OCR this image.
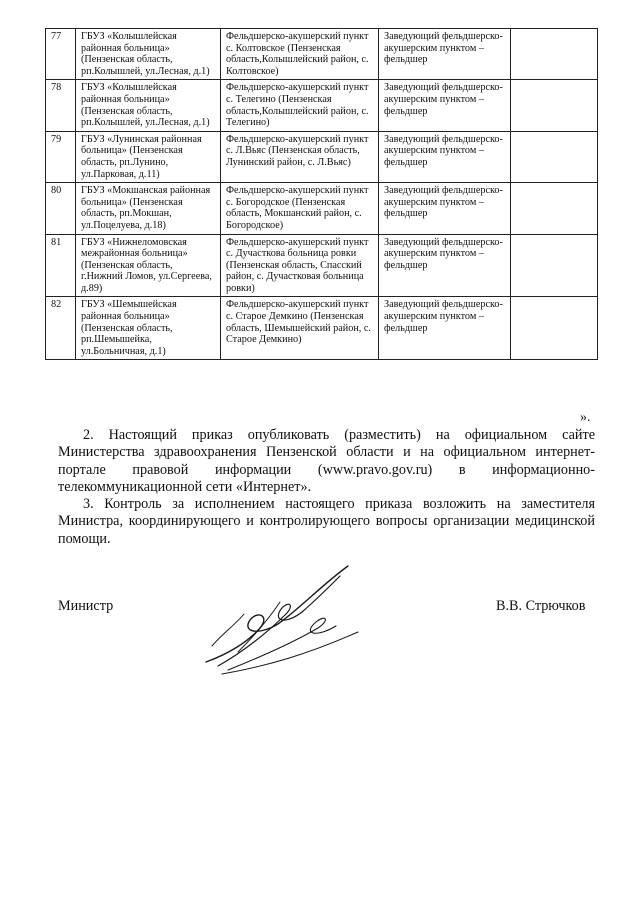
77	ГБУЗ «Колышлейская районная больница» (Пензенская область, рп.Колышлей, ул.Лесная, д.1)	Фельдшерско-акушерский пункт с. Колтовское (Пензенская область,Колышлейский район, с. Колтовское)	Заведующий фельдшерско-акушерским пунктом – фельдшер	
78	ГБУЗ «Колышлейская районная больница» (Пензенская область, рп.Колышлей, ул.Лесная, д.1)	Фельдшерско-акушерский пункт с. Телегино (Пензенская область,Колышлейский район, с. Телегино)	Заведующий фельдшерско-акушерским пунктом – фельдшер	
79	ГБУЗ «Лунинская районная больница» (Пензенская область, рп.Лунино, ул.Парковая, д.11)	Фельдшерско-акушерский пункт с. Л.Вьяс (Пензенская область, Лунинский район, с. Л.Вьяс)	Заведующий фельдшерско-акушерским пунктом – фельдшер	
80	ГБУЗ «Мокшанская районная больница» (Пензенская область, рп.Мокшан, ул.Поцелуева, д.18)	Фельдшерско-акушерский пункт с. Богородское (Пензенская область, Мокшанский район, с. Богородское)	Заведующий фельдшерско-акушерским пунктом – фельдшер	
81	ГБУЗ «Нижнеломовская межрайонная больница» (Пензенская область, г.Нижний Ломов, ул.Сергеева, д.89)	Фельдшерско-акушерский пункт с. Дучасткова больница ровки (Пензенская область, Спасский район, с. Дучастковая больница ровки)	Заведующий фельдшерско-акушерским пунктом – фельдшер	
82	ГБУЗ «Шемышейская районная больница» (Пензенская область, рп.Шемышейка, ул.Больничная, д.1)	Фельдшерско-акушерский пункт с. Старое Демкино (Пензенская область, Шемышейский район, с. Старое Демкино)	Заведующий фельдшерско-акушерским пунктом – фельдшер	
».
2. Настоящий приказ опубликовать (разместить) на официальном сайте Министерства здравоохранения Пензенской области и на официальном интернет-портале правовой информации (www.pravo.gov.ru) в информационно-телекоммуникационной сети «Интернет».
3. Контроль за исполнением настоящего приказа возложить на заместителя Министра, координирующего и контролирующего вопросы организации медицинской помощи.
Министр	В.В. Стрючков
